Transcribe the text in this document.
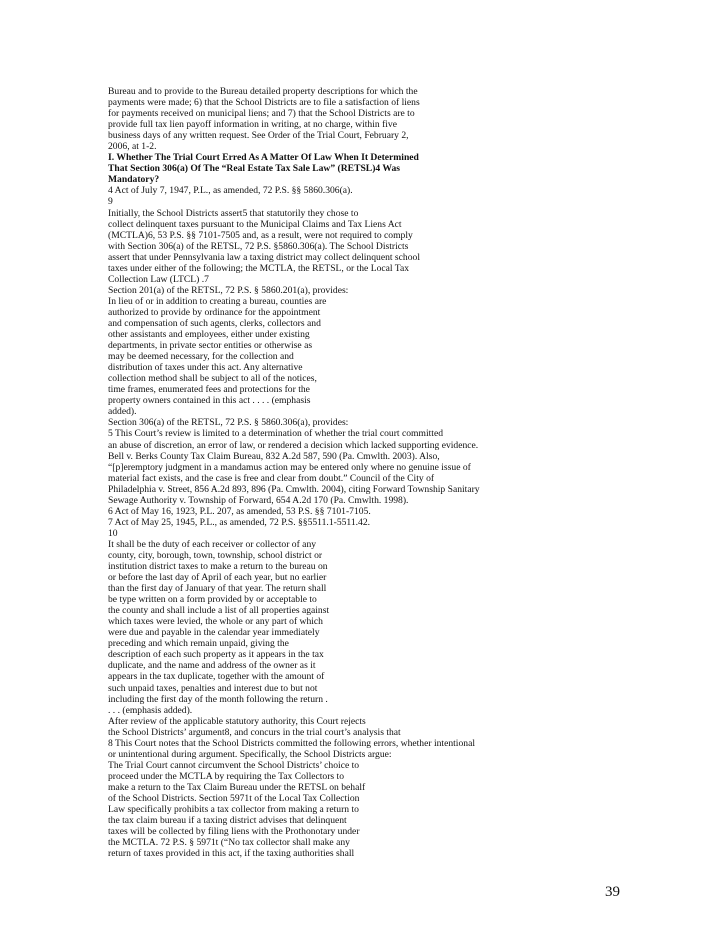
Bureau and to provide to the Bureau detailed property descriptions for which the
payments were made; 6) that the School Districts are to file a satisfaction of liens
for payments received on municipal liens; and 7) that the School Districts are to
provide full tax lien payoff information in writing, at no charge, within five
business days of any written request. See Order of the Trial Court, February 2,
2006, at 1-2.
I. Whether The Trial Court Erred As A Matter Of Law When It Determined
That Section 306(a) Of The “Real Estate Tax Sale Law” (RETSL)4 Was
Mandatory?
4 Act of July 7, 1947, P.L., as amended, 72 P.S. §§ 5860.306(a).
9
Initially, the School Districts assert5 that statutorily they chose to
collect delinquent taxes pursuant to the Municipal Claims and Tax Liens Act
(MCTLA)6, 53 P.S. §§ 7101-7505 and, as a result, were not required to comply
with Section 306(a) of the RETSL, 72 P.S. §5860.306(a). The School Districts
assert that under Pennsylvania law a taxing district may collect delinquent school
taxes under either of the following; the MCTLA, the RETSL, or the Local Tax
Collection Law (LTCL) .7
Section 201(a) of the RETSL, 72 P.S. § 5860.201(a), provides:
In lieu of or in addition to creating a bureau, counties are
authorized to provide by ordinance for the appointment
and compensation of such agents, clerks, collectors and
other assistants and employees, either under existing
departments, in private sector entities or otherwise as
may be deemed necessary, for the collection and
distribution of taxes under this act. Any alternative
collection method shall be subject to all of the notices,
time frames, enumerated fees and protections for the
property owners contained in this act . . . . (emphasis
added).
Section 306(a) of the RETSL, 72 P.S. § 5860.306(a), provides:
5 This Court’s review is limited to a determination of whether the trial court committed
an abuse of discretion, an error of law, or rendered a decision which lacked supporting evidence.
Bell v. Berks County Tax Claim Bureau, 832 A.2d 587, 590 (Pa. Cmwlth. 2003). Also,
“[p]eremptory judgment in a mandamus action may be entered only where no genuine issue of
material fact exists, and the case is free and clear from doubt.” Council of the City of
Philadelphia v. Street, 856 A.2d 893, 896 (Pa. Cmwlth. 2004), citing Forward Township Sanitary
Sewage Authority v. Township of Forward, 654 A.2d 170 (Pa. Cmwlth. 1998).
6 Act of May 16, 1923, P.L. 207, as amended, 53 P.S. §§ 7101-7105.
7 Act of May 25, 1945, P.L., as amended, 72 P.S. §§5511.1-5511.42.
10
It shall be the duty of each receiver or collector of any
county, city, borough, town, township, school district or
institution district taxes to make a return to the bureau on
or before the last day of April of each year, but no earlier
than the first day of January of that year. The return shall
be type written on a form provided by or acceptable to
the county and shall include a list of all properties against
which taxes were levied, the whole or any part of which
were due and payable in the calendar year immediately
preceding and which remain unpaid, giving the
description of each such property as it appears in the tax
duplicate, and the name and address of the owner as it
appears in the tax duplicate, together with the amount of
such unpaid taxes, penalties and interest due to but not
including the first day of the month following the return .
. . . (emphasis added).
After review of the applicable statutory authority, this Court rejects
the School Districts’ argument8, and concurs in the trial court’s analysis that
8 This Court notes that the School Districts committed the following errors, whether intentional
or unintentional during argument. Specifically, the School Districts argue:
The Trial Court cannot circumvent the School Districts’ choice to
proceed under the MCTLA by requiring the Tax Collectors to
make a return to the Tax Claim Bureau under the RETSL on behalf
of the School Districts. Section 5971t of the Local Tax Collection
Law specifically prohibits a tax collector from making a return to
the tax claim bureau if a taxing district advises that delinquent
taxes will be collected by filing liens with the Prothonotary under
the MCTLA. 72 P.S. § 5971t (“No tax collector shall make any
return of taxes provided in this act, if the taxing authorities shall
39
